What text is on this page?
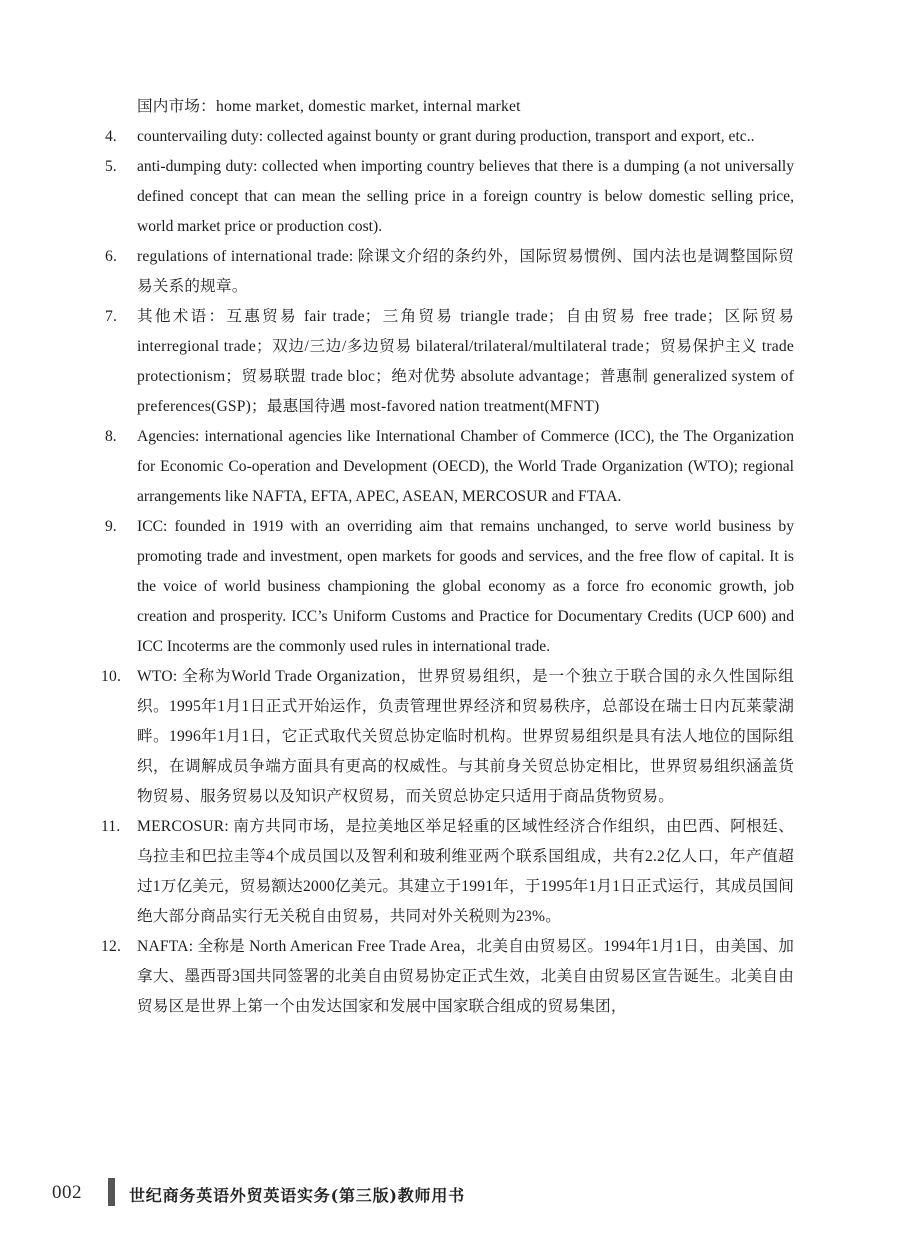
国内市场：home market, domestic market, internal market
4.	countervailing duty: collected against bounty or grant during production, transport and export, etc..
5.	anti-dumping duty: collected when importing country believes that there is a dumping (a not universally defined concept that can mean the selling price in a foreign country is below domestic selling price, world market price or production cost).
6.	regulations of international trade: 除课文介绍的条约外，国际贸易惯例、国内法也是调整国际贸易关系的规章。
7.	其他术语：互惠贸易 fair trade；三角贸易 triangle trade；自由贸易 free trade；区际贸易 interregional trade；双边/三边/多边贸易 bilateral/trilateral/multilateral trade；贸易保护主义 trade protectionism；贸易联盟 trade bloc；绝对优势 absolute advantage；普惠制 generalized system of preferences(GSP)；最惠国待遇 most-favored nation treatment(MFNT)
8.	Agencies: international agencies like International Chamber of Commerce (ICC), the The Organization for Economic Co-operation and Development (OECD), the World Trade Organization (WTO); regional arrangements like NAFTA, EFTA, APEC, ASEAN, MERCOSUR and FTAA.
9.	ICC: founded in 1919 with an overriding aim that remains unchanged, to serve world business by promoting trade and investment, open markets for goods and services, and the free flow of capital. It is the voice of world business championing the global economy as a force fro economic growth, job creation and prosperity. ICC’s Uniform Customs and Practice for Documentary Credits (UCP 600) and ICC Incoterms are the commonly used rules in international trade.
10.	WTO: 全称为World Trade Organization，世界贸易组织，是一个独立于联合国的永久性国际组织。1995年1月1日正式开始运作，负责管理世界经济和贸易秩序，总部设在瑞士日内瓦莱蒙湖畔。1996年1月1日，它正式取代关贸总协定临时机构。世界贸易组织是具有法人地位的国际组织，在调解成员争端方面具有更高的权威性。与其前身关贸总协定相比，世界贸易组织涵盖货物贸易、服务贸易以及知识产权贸易，而关贸总协定只适用于商品货物贸易。
11.	MERCOSUR: 南方共同市场，是拉美地区举足轻重的区域性经济合作组织，由巴西、阿根廷、乌拉圭和巴拉圭等4个成员国以及智利和玻利维亚两个联系国组成，共有2.2亿人口，年产值超过1万亿美元，贸易额达2000亿美元。其建立于1991年，于1995年1月1日正式运行，其成员国间绝大部分商品实行无关税自由贸易，共同对外关税则为23%。
12.	NAFTA: 全称是 North American Free Trade Area，北美自由贸易区。1994年1月1日，由美国、加拿大、墨西哥3国共同签署的北美自由贸易协定正式生效，北美自由贸易区宣告诞生。北美自由贸易区是世界上第一个由发达国家和发展中国家联合组成的贸易集团，
002	世纪商务英语外贸英语实务(第三版)教师用书
